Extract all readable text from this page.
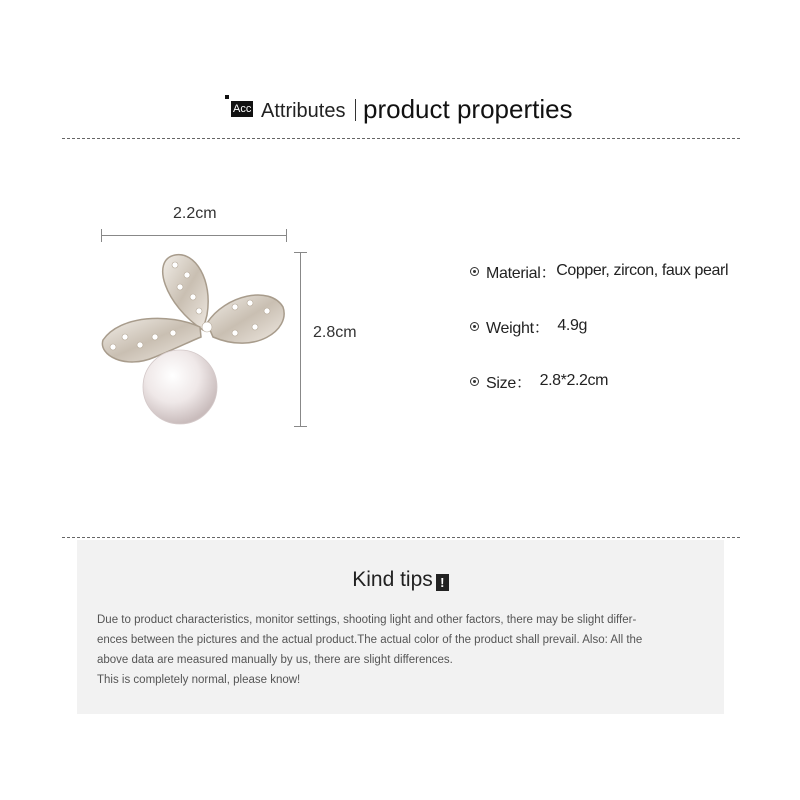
Acc Attributes product properties
2.2cm
2.8cm
Material： Copper, zircon, faux pearl
Weight： 4.9g
Size： 2.8*2.2cm
Kind tips !

Due to product characteristics, monitor settings, shooting light and other factors, there may be slight differ-

ences between the pictures and the actual product.The actual color of the product shall prevail. Also: All the

above data are measured manually by us, there are slight differences.

This is completely normal, please know!
